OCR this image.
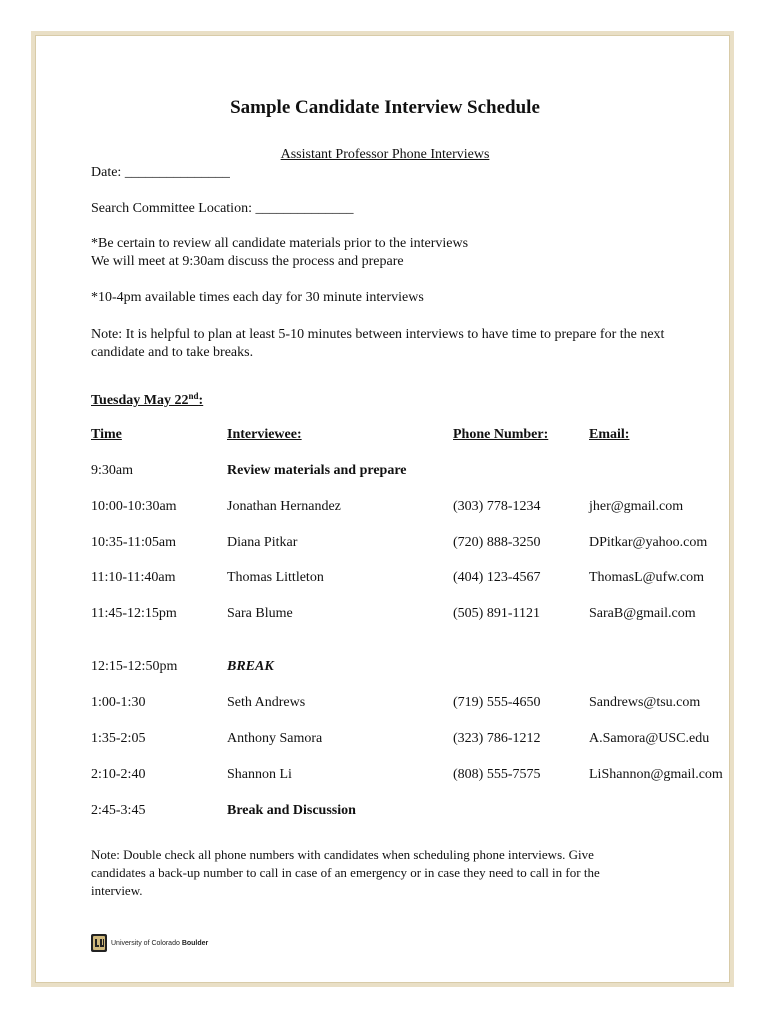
Sample Candidate Interview Schedule
Assistant Professor Phone Interviews
Date: _______________
Search Committee Location: ______________
*Be certain to review all candidate materials prior to the interviews
We will meet at 9:30am discuss the process and prepare
*10-4pm available times each day for 30 minute interviews
Note: It is helpful to plan at least 5-10 minutes between interviews to have time to prepare for the next candidate and to take breaks.
Tuesday May 22nd:
Time	Interviewee:	Phone Number:	Email:
9:30am	Review materials and prepare
10:00-10:30am	Jonathan Hernandez	(303) 778-1234	jher@gmail.com
10:35-11:05am	Diana Pitkar	(720) 888-3250	DPitkar@yahoo.com
11:10-11:40am	Thomas Littleton	(404) 123-4567	ThomasL@ufw.com
11:45-12:15pm	Sara Blume	(505) 891-1121	SaraB@gmail.com
12:15-12:50pm	BREAK
1:00-1:30	Seth Andrews	(719) 555-4650	Sandrews@tsu.com
1:35-2:05	Anthony Samora	(323) 786-1212	A.Samora@USC.edu
2:10-2:40	Shannon Li	(808) 555-7575	LiShannon@gmail.com
2:45-3:45	Break and Discussion
Note: Double check all phone numbers with candidates when scheduling phone interviews. Give candidates a back-up number to call in case of an emergency or in case they need to call in for the interview.
University of Colorado Boulder
